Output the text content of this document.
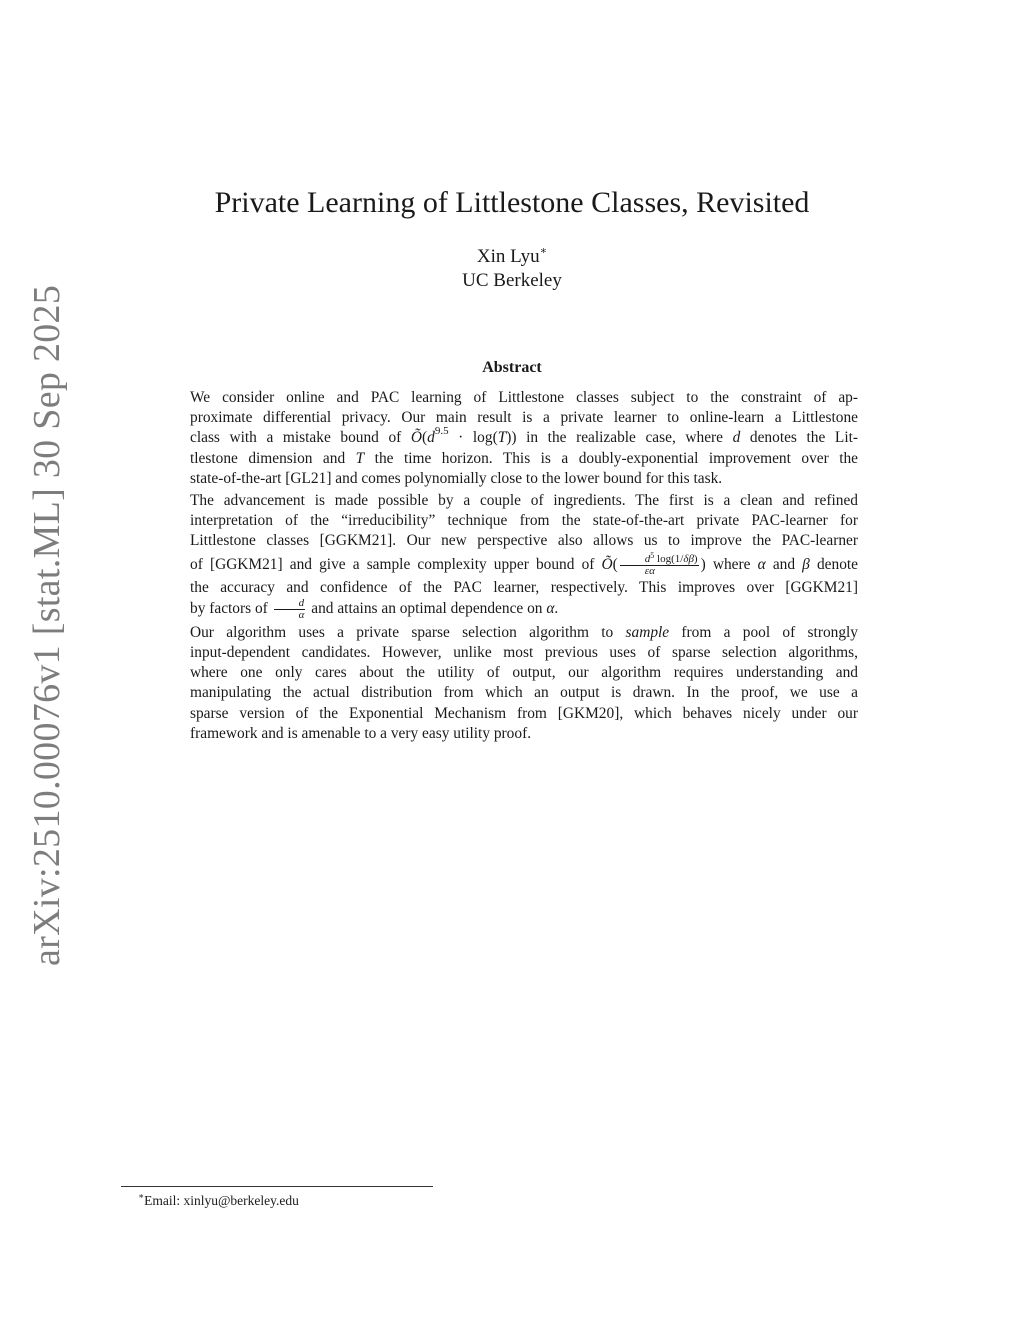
arXiv:2510.00076v1 [stat.ML] 30 Sep 2025
Private Learning of Littlestone Classes, Revisited
Xin Lyu∗
UC Berkeley
Abstract

We consider online and PAC learning of Littlestone classes subject to the constraint of ap-
proximate differential privacy. Our main result is a private learner to online-learn a Littlestone
class with a mistake bound of $Õ(d^{9.5} \cdot \log(T))$ in the realizable case, where d denotes the Lit-
tlestone dimension and T the time horizon. This is a doubly-exponential improvement over the
state-of-the-art [GL21] and comes polynomially close to the lower bound for this task.

The advancement is made possible by a couple of ingredients. The first is a clean and refined
interpretation of the “irreducibility” technique from the state-of-the-art private PAC-learner for
Littlestone classes [GGKM21]. Our new perspective also allows us to improve the PAC-learner
of [GGKM21] and give a sample complexity upper bound of Õ( $\frac{d^5 \log(1/\delta\beta)}{\varepsilon\alpha}$ ) where α and β denote
the accuracy and confidence of the PAC learner, respectively. This improves over [GGKM21]
by factors of $\frac{d}{\alpha}$ and attains an optimal dependence on α.

Our algorithm uses a private sparse selection algorithm to sample from a pool of strongly
input-dependent candidates. However, unlike most previous uses of sparse selection algorithms,
where one only cares about the utility of output, our algorithm requires understanding and
manipulating the actual distribution from which an output is drawn. In the proof, we use a
sparse version of the Exponential Mechanism from [GKM20], which behaves nicely under our
framework and is amenable to a very easy utility proof.

∗Email: xinlyu@berkeley.edu
